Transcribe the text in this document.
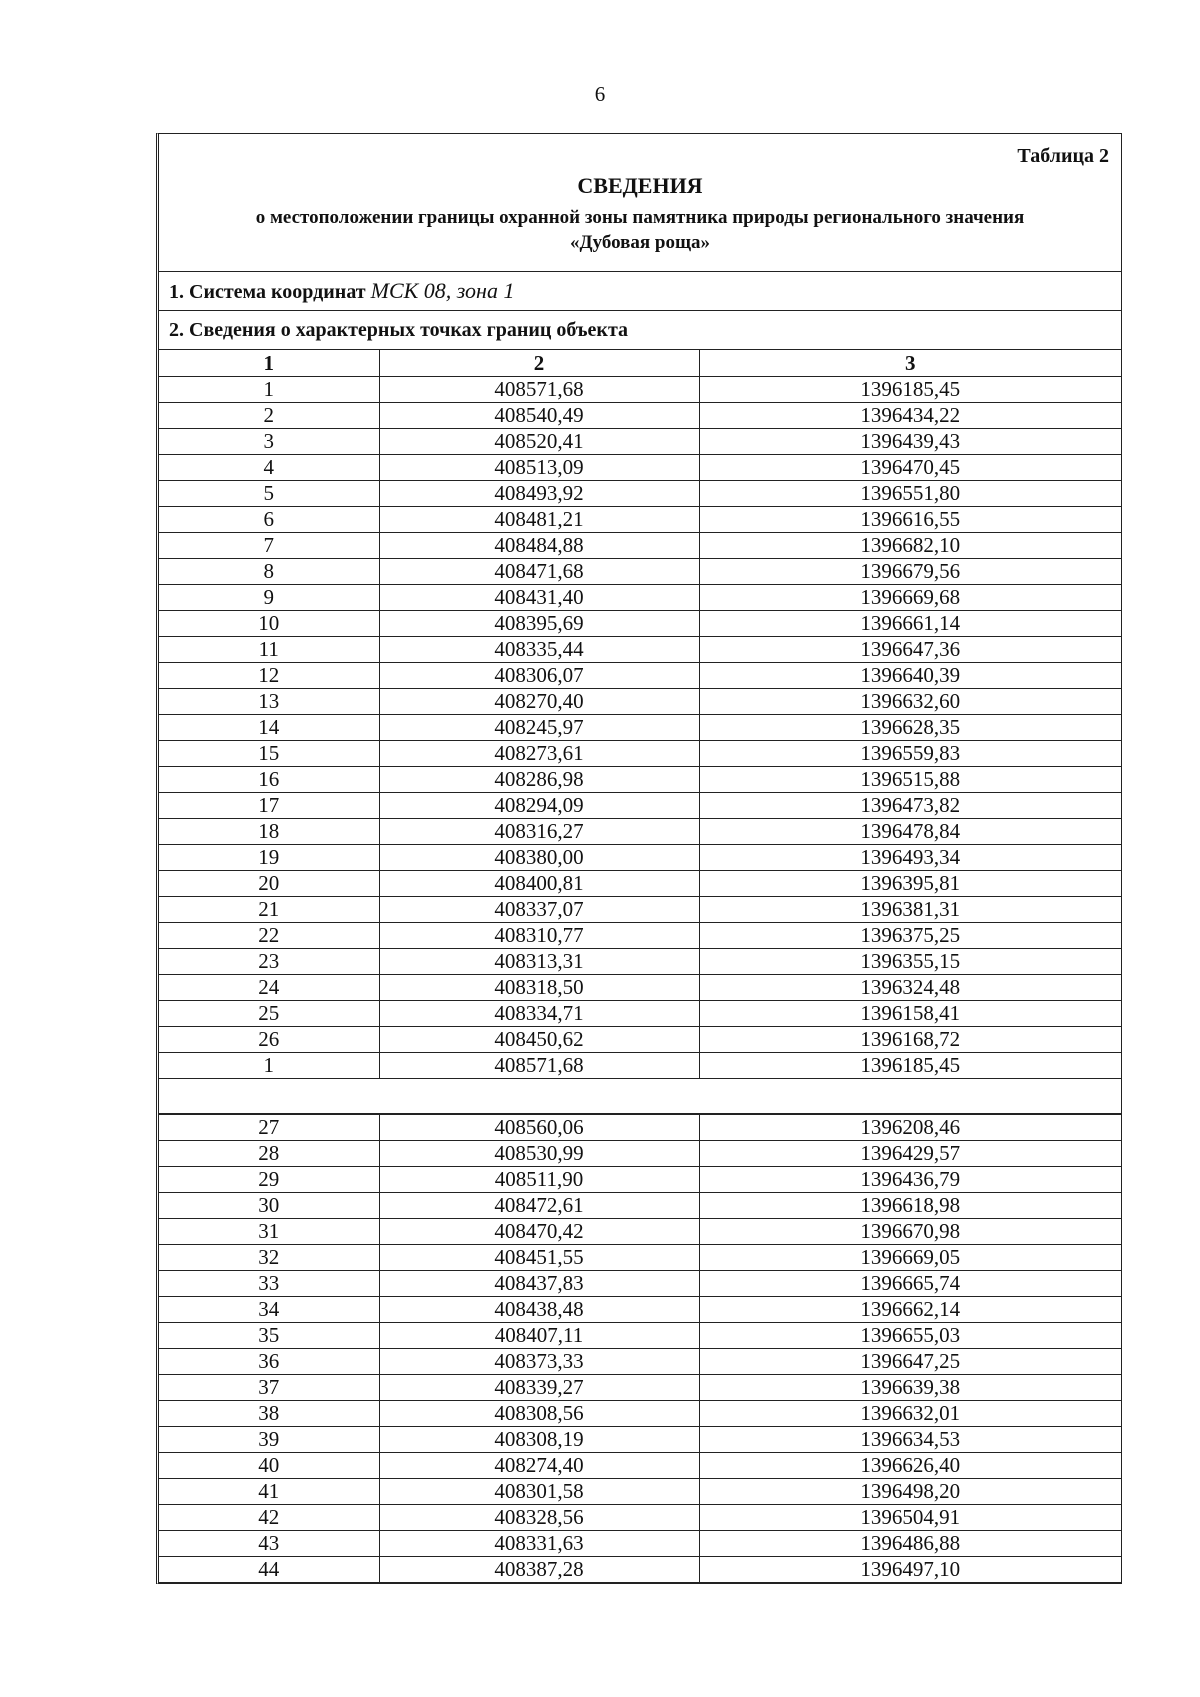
6
Таблица 2
СВЕДЕНИЯ
о местоположении границы охранной зоны памятника природы регионального значения
«Дубовая роща»
1. Система координат МСК 08, зона 1
2. Сведения о характерных точках границ объекта
1	2	3
1	408571,68	1396185,45
2	408540,49	1396434,22
3	408520,41	1396439,43
4	408513,09	1396470,45
5	408493,92	1396551,80
6	408481,21	1396616,55
7	408484,88	1396682,10
8	408471,68	1396679,56
9	408431,40	1396669,68
10	408395,69	1396661,14
11	408335,44	1396647,36
12	408306,07	1396640,39
13	408270,40	1396632,60
14	408245,97	1396628,35
15	408273,61	1396559,83
16	408286,98	1396515,88
17	408294,09	1396473,82
18	408316,27	1396478,84
19	408380,00	1396493,34
20	408400,81	1396395,81
21	408337,07	1396381,31
22	408310,77	1396375,25
23	408313,31	1396355,15
24	408318,50	1396324,48
25	408334,71	1396158,41
26	408450,62	1396168,72
1	408571,68	1396185,45
27	408560,06	1396208,46
28	408530,99	1396429,57
29	408511,90	1396436,79
30	408472,61	1396618,98
31	408470,42	1396670,98
32	408451,55	1396669,05
33	408437,83	1396665,74
34	408438,48	1396662,14
35	408407,11	1396655,03
36	408373,33	1396647,25
37	408339,27	1396639,38
38	408308,56	1396632,01
39	408308,19	1396634,53
40	408274,40	1396626,40
41	408301,58	1396498,20
42	408328,56	1396504,91
43	408331,63	1396486,88
44	408387,28	1396497,10
